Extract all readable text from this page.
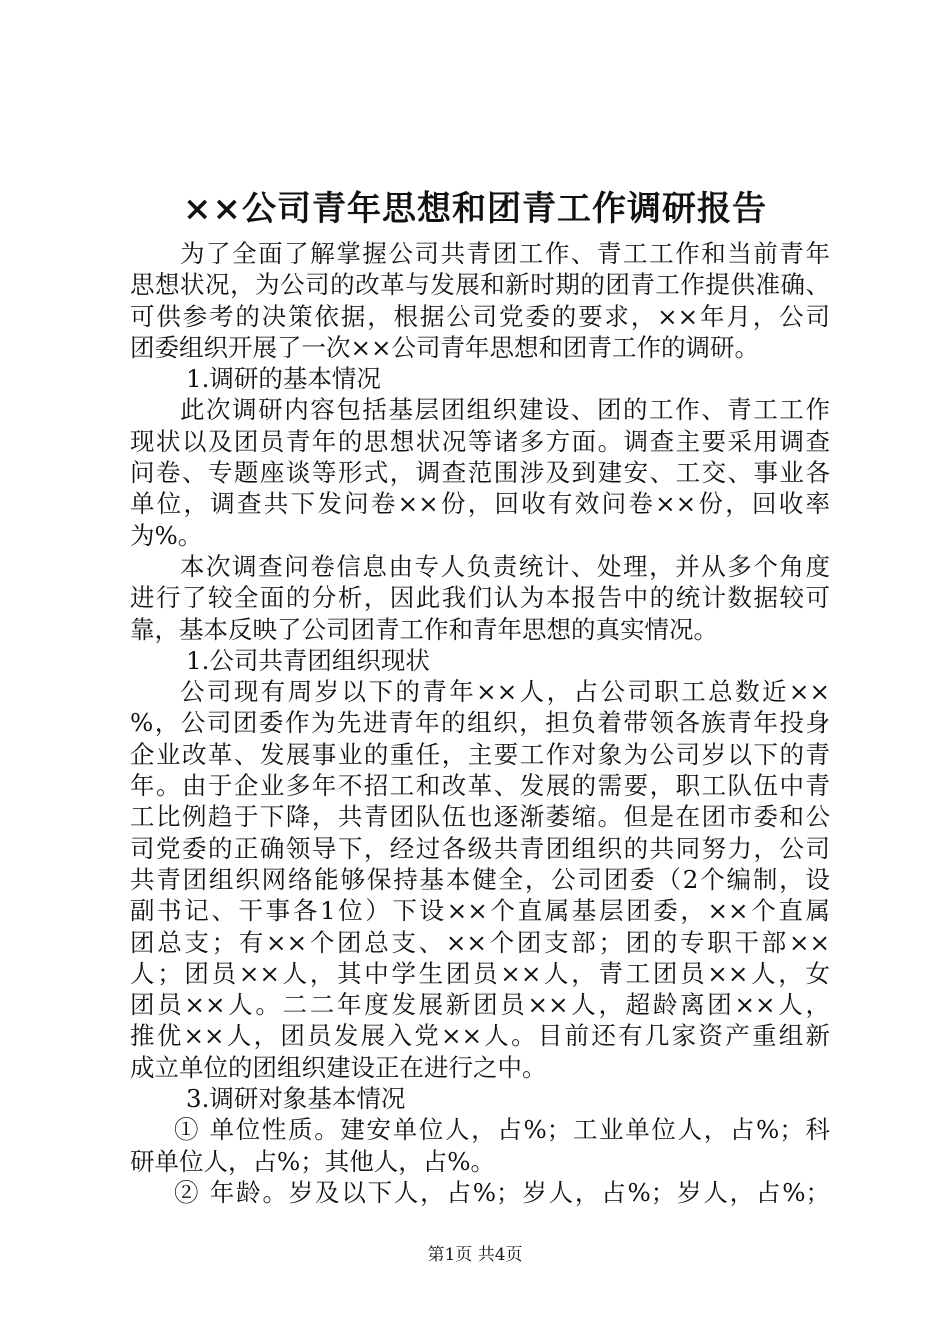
××公司青年思想和团青工作调研报告
为了全面了解掌握公司共青团工作、青工工作和当前青年
思想状况，为公司的改革与发展和新时期的团青工作提供准确、
可供参考的决策依据，根据公司党委的要求，××年月，公司
团委组织开展了一次××公司青年思想和团青工作的调研。
1.调研的基本情况
此次调研内容包括基层团组织建设、团的工作、青工工作
现状以及团员青年的思想状况等诸多方面。调查主要采用调查
问卷、专题座谈等形式，调查范围涉及到建安、工交、事业各
单位，调查共下发问卷××份，回收有效问卷××份，回收率
为%。
本次调查问卷信息由专人负责统计、处理，并从多个角度
进行了较全面的分析，因此我们认为本报告中的统计数据较可
靠，基本反映了公司团青工作和青年思想的真实情况。
1.公司共青团组织现状
公司现有周岁以下的青年××人，占公司职工总数近××
%，公司团委作为先进青年的组织，担负着带领各族青年投身
企业改革、发展事业的重任，主要工作对象为公司岁以下的青
年。由于企业多年不招工和改革、发展的需要，职工队伍中青
工比例趋于下降，共青团队伍也逐渐萎缩。但是在团市委和公
司党委的正确领导下，经过各级共青团组织的共同努力，公司
共青团组织网络能够保持基本健全，公司团委（2个编制，设
副书记、干事各1位）下设××个直属基层团委，××个直属
团总支；有××个团总支、××个团支部；团的专职干部××
人；团员××人，其中学生团员××人，青工团员××人，女
团员××人。二二年度发展新团员××人，超龄离团××人，
推优××人，团员发展入党××人。目前还有几家资产重组新
成立单位的团组织建设正在进行之中。
3.调研对象基本情况
① 单位性质。建安单位人，占%；工业单位人，占%；科
研单位人，占%；其他人，占%。
② 年龄。岁及以下人，占%；岁人，占%；岁人，占%；
第1页 共4页
